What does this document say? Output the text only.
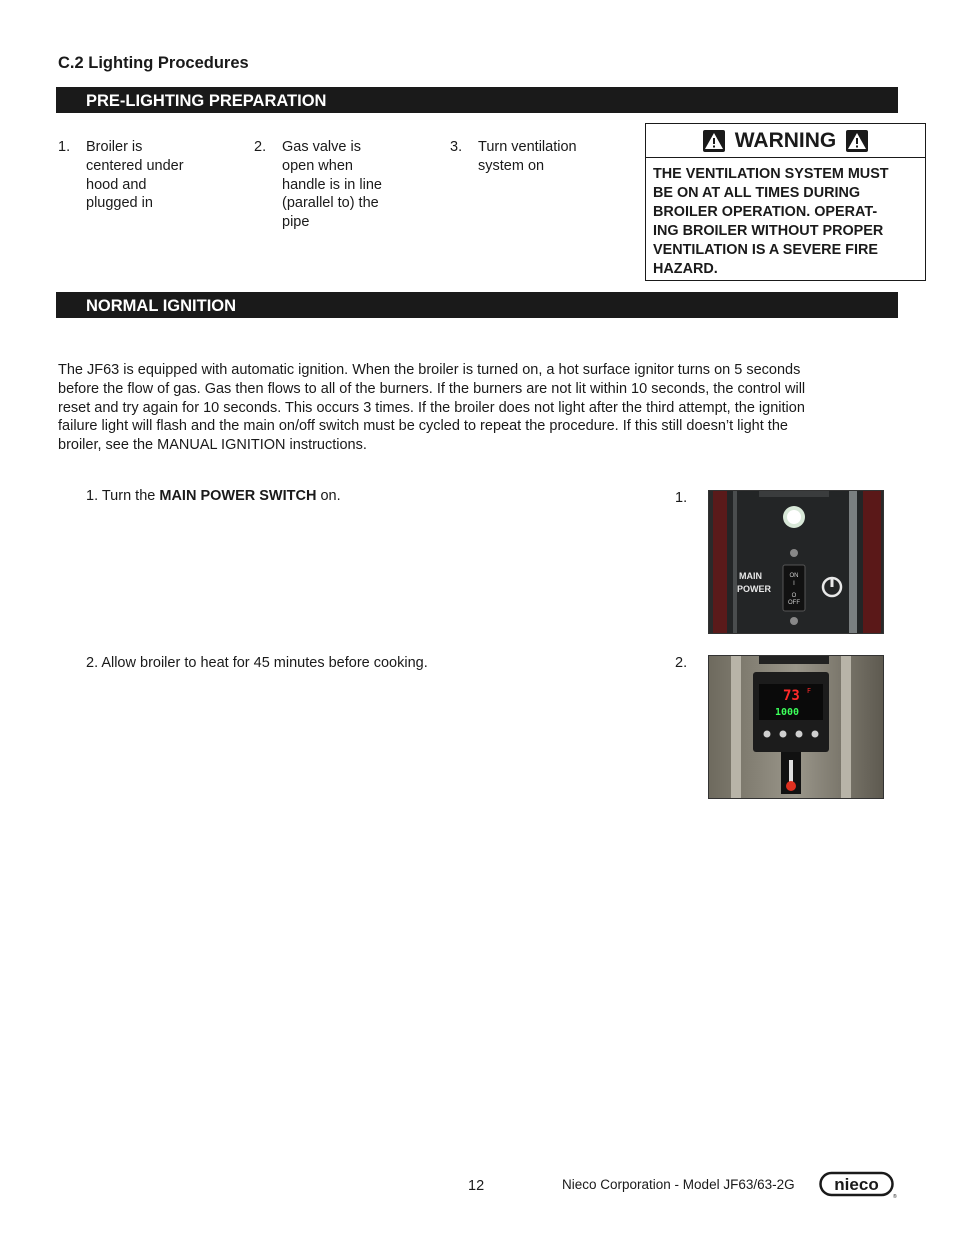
C.2 Lighting Procedures
PRE-LIGHTING PREPARATION
1. Broiler is
centered under
hood and
plugged in
2. Gas valve is
open when
handle is in line
(parallel to) the
pipe
3. Turn ventilation
system on
WARNING
THE VENTILATION SYSTEM MUST
BE ON AT ALL TIMES DURING
BROILER OPERATION. OPERAT-
ING BROILER WITHOUT PROPER
VENTILATION IS A SEVERE FIRE
HAZARD.
NORMAL IGNITION
The JF63 is equipped with automatic ignition. When the broiler is turned on, a hot surface ignitor turns on 5 seconds
before the flow of gas. Gas then flows to all of the burners. If the burners are not lit within 10 seconds, the control will
reset and try again for 10 seconds. This occurs 3 times. If the broiler does not light after the third attempt, the ignition
failure light will flash and the main on/off switch must be cycled to repeat the procedure. If this still doesn’t light the
broiler, see the MANUAL IGNITION instructions.
1. Turn the MAIN POWER SWITCH on.	1.
ON
I
O
OFF
MAIN
POWER
2. Allow broiler to heat for 45 minutes before cooking.	2.
73 F
1000
12	Nieco Corporation - Model JF63/63-2G nieco
®
